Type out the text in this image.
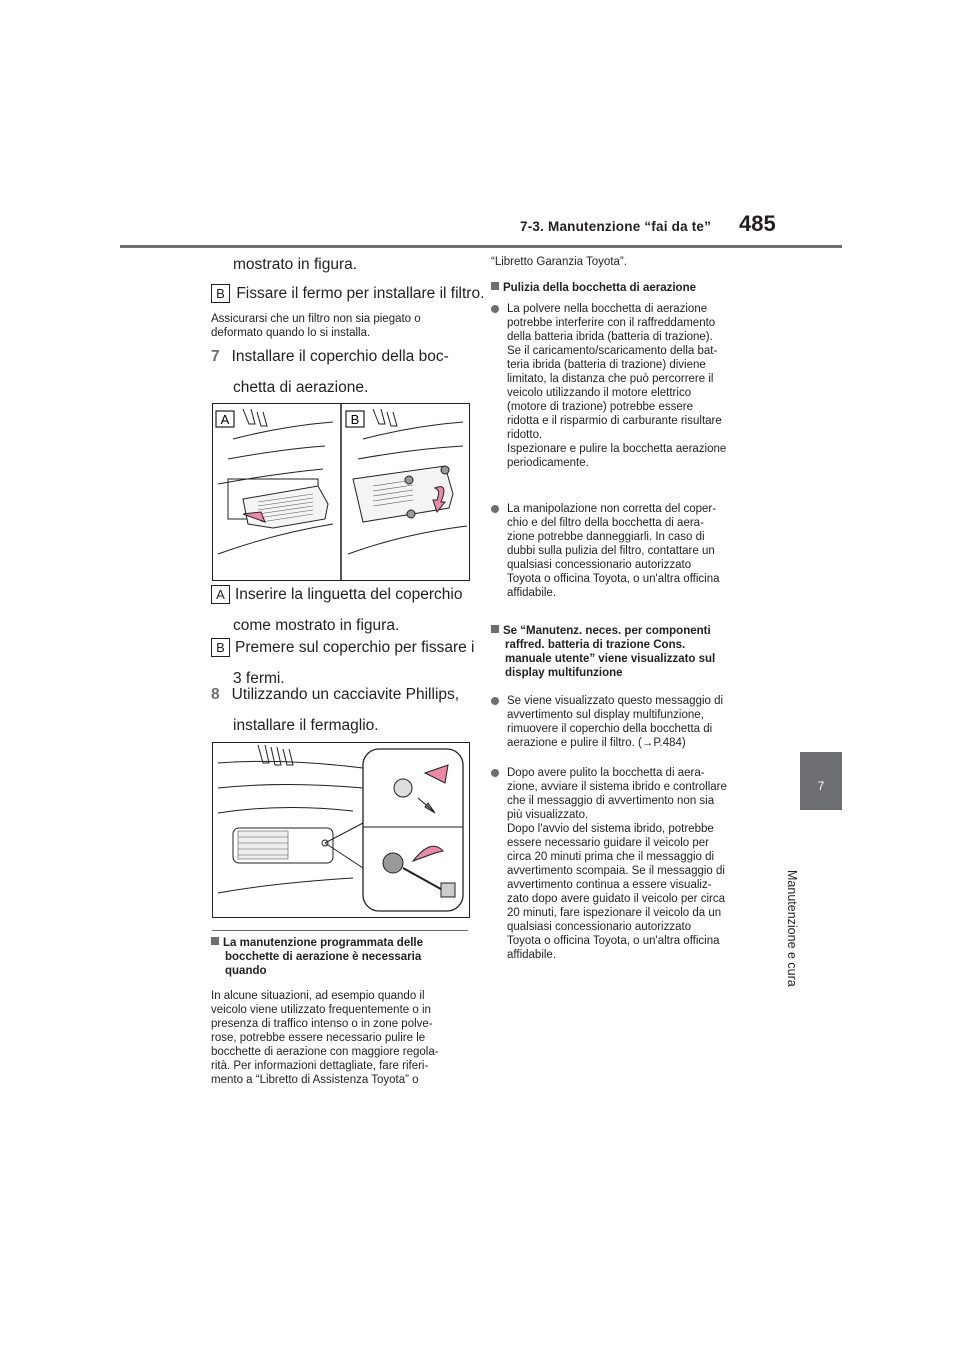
7-3. Manutenzione “fai da te” 485
7
Manutenzione e cura
mostrato in figura.
B Fissare il fermo per installare il filtro.

Assicurarsi che un filtro non sia piegato o

deformato quando lo si installa.

7 Installare il coperchio della boc-
chetta di aerazione.
A	B
A Inserire la linguetta del coperchio
come mostrato in figura.
B Premere sul coperchio per fissare i
3 fermi.
8 Utilizzando un cacciavite Phillips,
installare il fermaglio.

La manutenzione programmata delle

bocchette di aerazione è necessaria

quando

In alcune situazioni, ad esempio quando il

veicolo viene utilizzato frequentemente o in

presenza di traffico intenso o in zone polve-

rose, potrebbe essere necessario pulire le

bocchette di aerazione con maggiore regola-

rità. Per informazioni dettagliate, fare riferi-

mento a “Libretto di Assistenza Toyota” o

“Libretto Garanzia Toyota”.
Pulizia della bocchetta di aerazione

La polvere nella bocchetta di aerazione

potrebbe interferire con il raffreddamento

della batteria ibrida (batteria di trazione).

Se il caricamento/scaricamento della bat-

teria ibrida (batteria di trazione) diviene

limitato, la distanza che può percorrere il

veicolo utilizzando il motore elettrico

(motore di trazione) potrebbe essere

ridotta e il risparmio di carburante risultare

ridotto.

Ispezionare e pulire la bocchetta aerazione

periodicamente.

La manipolazione non corretta del coper-

chio e del filtro della bocchetta di aera-

zione potrebbe danneggiarli. In caso di

dubbi sulla pulizia del filtro, contattare un

qualsiasi concessionario autorizzato

Toyota o officina Toyota, o un'altra officina

affidabile.

Se “Manutenz. neces. per componenti

raffred. batteria di trazione Cons.

manuale utente” viene visualizzato sul

display multifunzione

Se viene visualizzato questo messaggio di

avvertimento sul display multifunzione,

rimuovere il coperchio della bocchetta di

aerazione e pulire il filtro. (→P.484)

Dopo avere pulito la bocchetta di aera-

zione, avviare il sistema ibrido e controllare

che il messaggio di avvertimento non sia

più visualizzato.

Dopo l'avvio del sistema ibrido, potrebbe

essere necessario guidare il veicolo per

circa 20 minuti prima che il messaggio di

avvertimento scompaia. Se il messaggio di

avvertimento continua a essere visualiz-

zato dopo avere guidato il veicolo per circa

20 minuti, fare ispezionare il veicolo da un

qualsiasi concessionario autorizzato

Toyota o officina Toyota, o un'altra officina

affidabile.
